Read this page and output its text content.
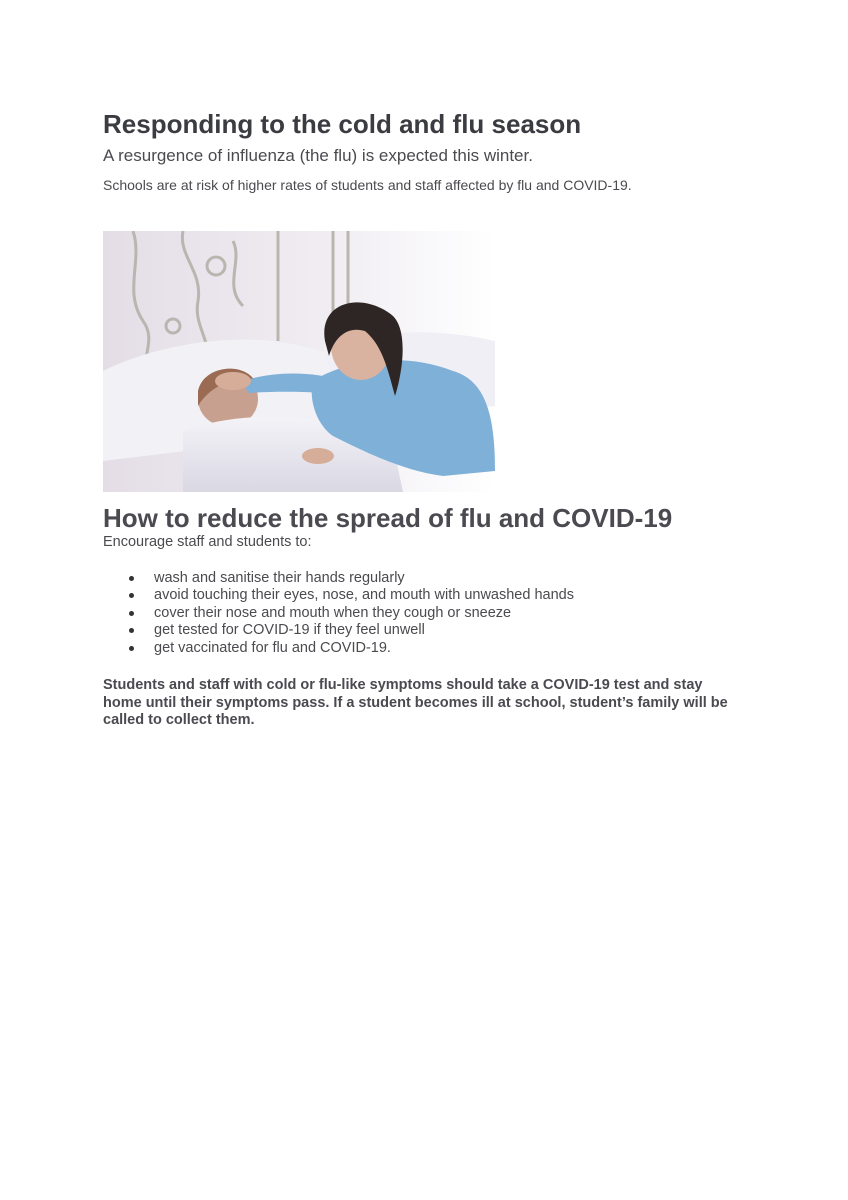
Responding to the cold and flu season

A resurgence of influenza (the flu) is expected this winter.

Schools are at risk of higher rates of students and staff affected by flu and COVID-19.

How to reduce the spread of flu and COVID-19

Encourage staff and students to:

wash and sanitise their hands regularly
avoid touching their eyes, nose, and mouth with unwashed hands
cover their nose and mouth when they cough or sneeze
get tested for COVID-19 if they feel unwell
get vaccinated for flu and COVID-19.

Students and staff with cold or flu-like symptoms should take a COVID-19 test and stay home until their symptoms pass. If a student becomes ill at school, student’s family will be called to collect them.
